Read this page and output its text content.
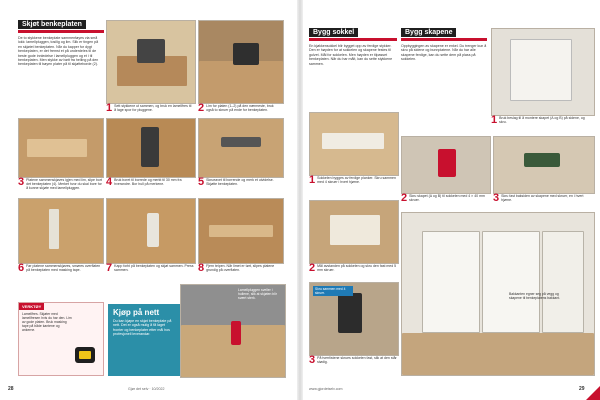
Skjøt benkeplaten
De to stykkene benkeplate sammenføyes via små lokk: lamellpluggen, tosilig og lim. Slik er tingen på en skjøtet benkeplaten. Når du kapper for dygt benkeplaten, er det fremst et på underdeles til de beste gode innledelse i lamellpluggen og et i til benkeplaten. Men stykke av bøtt fra helling på den benkeplaten til bøyen plater på til skjøtteborde (2).
1 Sett stykkene ut sammen, og bruk en lamellfres til å lage spor for pluggene.	2 Lim for platen (1–2) på den nærmeste, bruk også to skruer på ende for benkeplaten.
3 Platene sammenskjøves igjen med lim, slipe bort det benkeplaten (4). Merket hvor du skal bore for å kunne skjøte med lamellpluggen.
4 Bruk boret til borrede og merkt til 30 mm fra hverandre. Bor hull på merkene.	5 Skrueavet til borrende og merk et utvidelse. Skjøtte benkeplaten.
6 Før platene sammenskjøves, smøres overflaten på benkeplaten med masking tape.	7 Kapp forbi på benkeplaten og skjøt sammen. Press sammen.	8 Fjern teipen. Når limet er tørt, slipes platene grundig på overflaten.
VERKTØY
Lamellfres. Skjøter med lamellfresen hvis du har den. Lim av gode platen. Bruk masking tape på både kantene og ankerne.
Kjøp på nett
Du kan kjøpe en skjøt benkeplate på nett. Det er også mulig å få laget fronter og benkeplater etter mål hos profesjonell leverandør.
Lamellpluggen sveller i hullene, slik at skjøten blir svært sterk.
28	Gjør det selv · 10/2022
Bygg sokkel
En kjøkkensokkel blir bygget opp av ferdige stykker. Den er høyden for at sokkelen og skapene festes til gulvet. Mål for sokkelen. Men høyden er tilpasset benkeplaten. Når du har målt, kan du sette stykkene sammen.
Bygg skapene
Oppbyggingen av skapene er enkel. Du trenger kun å skru på sidene og bunnplatene. Når du har alle skapene ferdige, kan du sette dem på plass på sokkelen.
1 Bruk beslag til å montere skapet (A og B) på sidene, og skru.
1 Sokkelen bygges av ferdige planker. Skru sammen med 4 skruer i hvert hjørne.
2 Skru skapet (A og B) til sokkelen med 4 × 40 mm skruer.	3 Skru fast baksiden av skapene med skruer, en i hvert hjørne.
2 Mål avstanden på sokkelen og skru den fast med 5 mm skruer.
Skru sammen med 4 skruer.
3 På tverrlistene skrues sokkelen fast, slik at den står stødig.
Bakkanten egner seg på vegg og skapene til benkeplatens bakkant.
www.gjordetselv.com	29
